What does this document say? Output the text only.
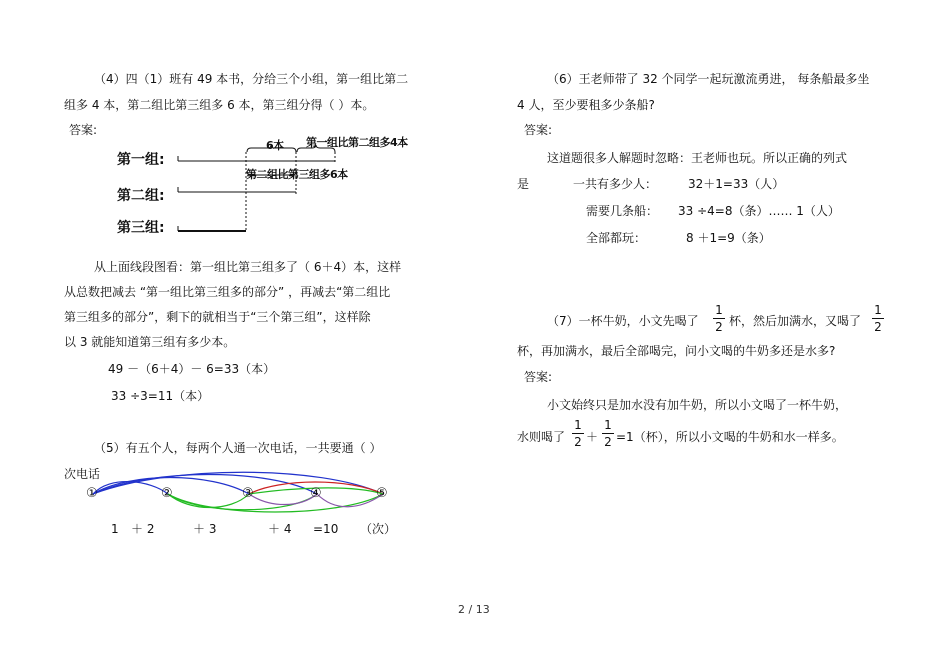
（4）四（1）班有 49 本书，分给三个小组，第一组比第二
组多 4 本，第二组比第三组多 6 本，第三组分得（ ）本。
答案:
第一组:
第二组:
第三组:
6本 第一组比第二组多4本
第二组比第三组多6本
从上面线段图看：第一组比第三组多了（ 6＋4）本，这样
从总数把减去 “第一组比第三组多的部分” ，再减去“第二组比
第三组多的部分”，剩下的就相当于“三个第三组”，这样除
以 3 就能知道第三组有多少本。
49 －（6＋4）－ 6=33（本）
33 ÷3=11（本）
（5）有五个人，每两个人通一次电话，一共要通（ ）
次电话
①	②	③	④	⑤
1 ＋ 2	＋ 3	＋ 4 =10 （次）
（6）王老师带了 32 个同学一起玩激流勇进， 每条船最多坐
4 人，至少要租多少条船?
答案:
这道题很多人解题时忽略：王老师也玩。所以正确的列式
是	一共有多少人：	32＋1=33（人）
需要几条船： 33 ÷4=8（条）…… 1（人）
全部都玩：	8 ＋1=9（条）
（7）一杯牛奶，小文先喝了
1
2 杯，然后加满水，又喝了
1
2
杯，再加满水，最后全部喝完，问小文喝的牛奶多还是水多?
答案:
小文始终只是加水没有加牛奶，所以小文喝了一杯牛奶，
水则喝了
1
2 ＋
1
2 =1（杯），所以小文喝的牛奶和水一样多。
2 / 13
